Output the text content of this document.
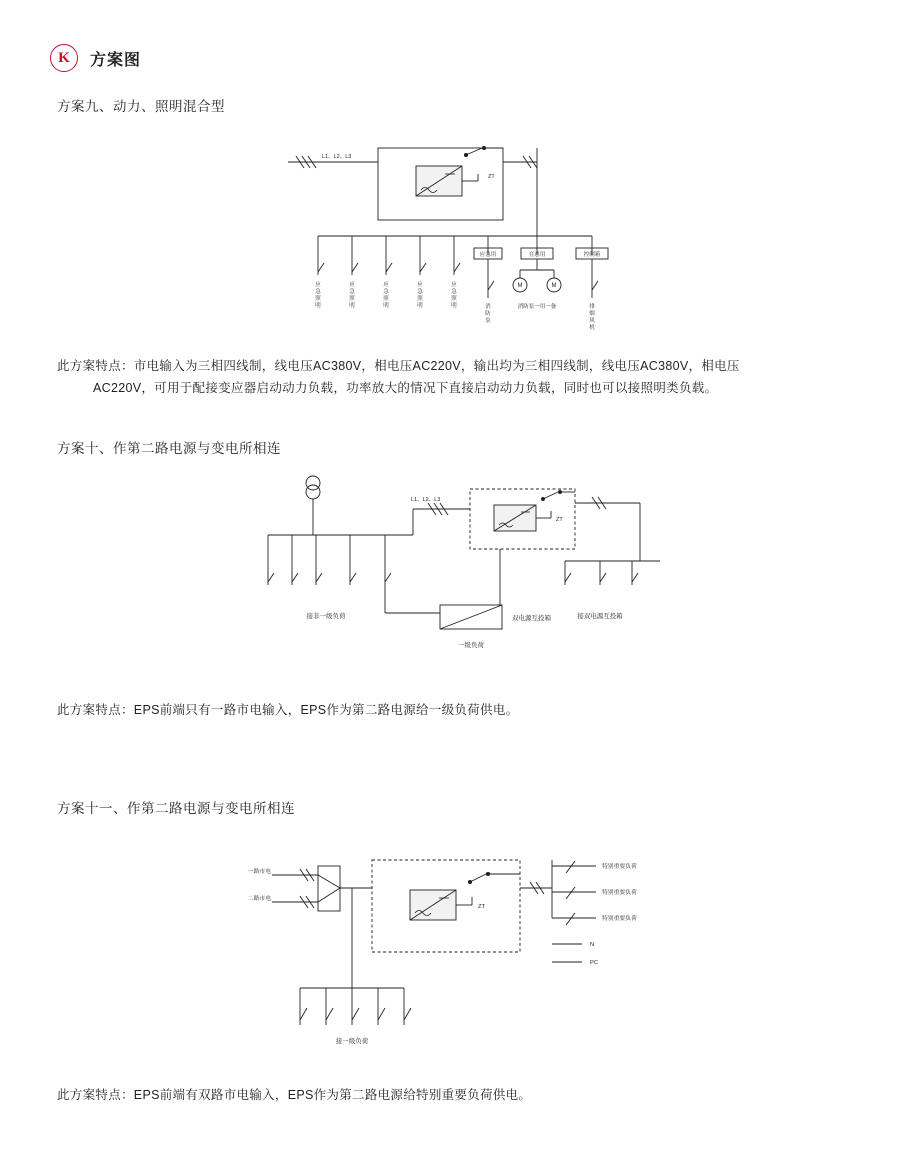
K	方案图
方案九、动力、照明混合型
L1、L2、L3
ZT
应急用	在意用	控制箱
M	M
消防泵一用一备
应急照明
应急照明
应急照明
应急照明
应急照明	消防泵
排烟风机
此方案特点：市电输入为三相四线制，线电压AC380V，相电压AC220V，输出均为三相四线制，线电压AC380V，相电压
AC220V，可用于配接变应器启动动力负载，功率放大的情况下直接启动动力负载，同时也可以接照明类负载。
方案十、作第二路电源与变电所相连
L1、L2、L3
ZT
接非一级负荷	接双电源互投箱
双电源互投箱
一级负荷
此方案特点：EPS前端只有一路市电输入，EPS作为第二路电源给一级负荷供电。
方案十一、作第二路电源与变电所相连
一路市电
二路市电
ZT
特别重要负荷
特别重要负荷
特别重要负荷
N
PC
接一级负荷
此方案特点：EPS前端有双路市电输入，EPS作为第二路电源给特别重要负荷供电。
